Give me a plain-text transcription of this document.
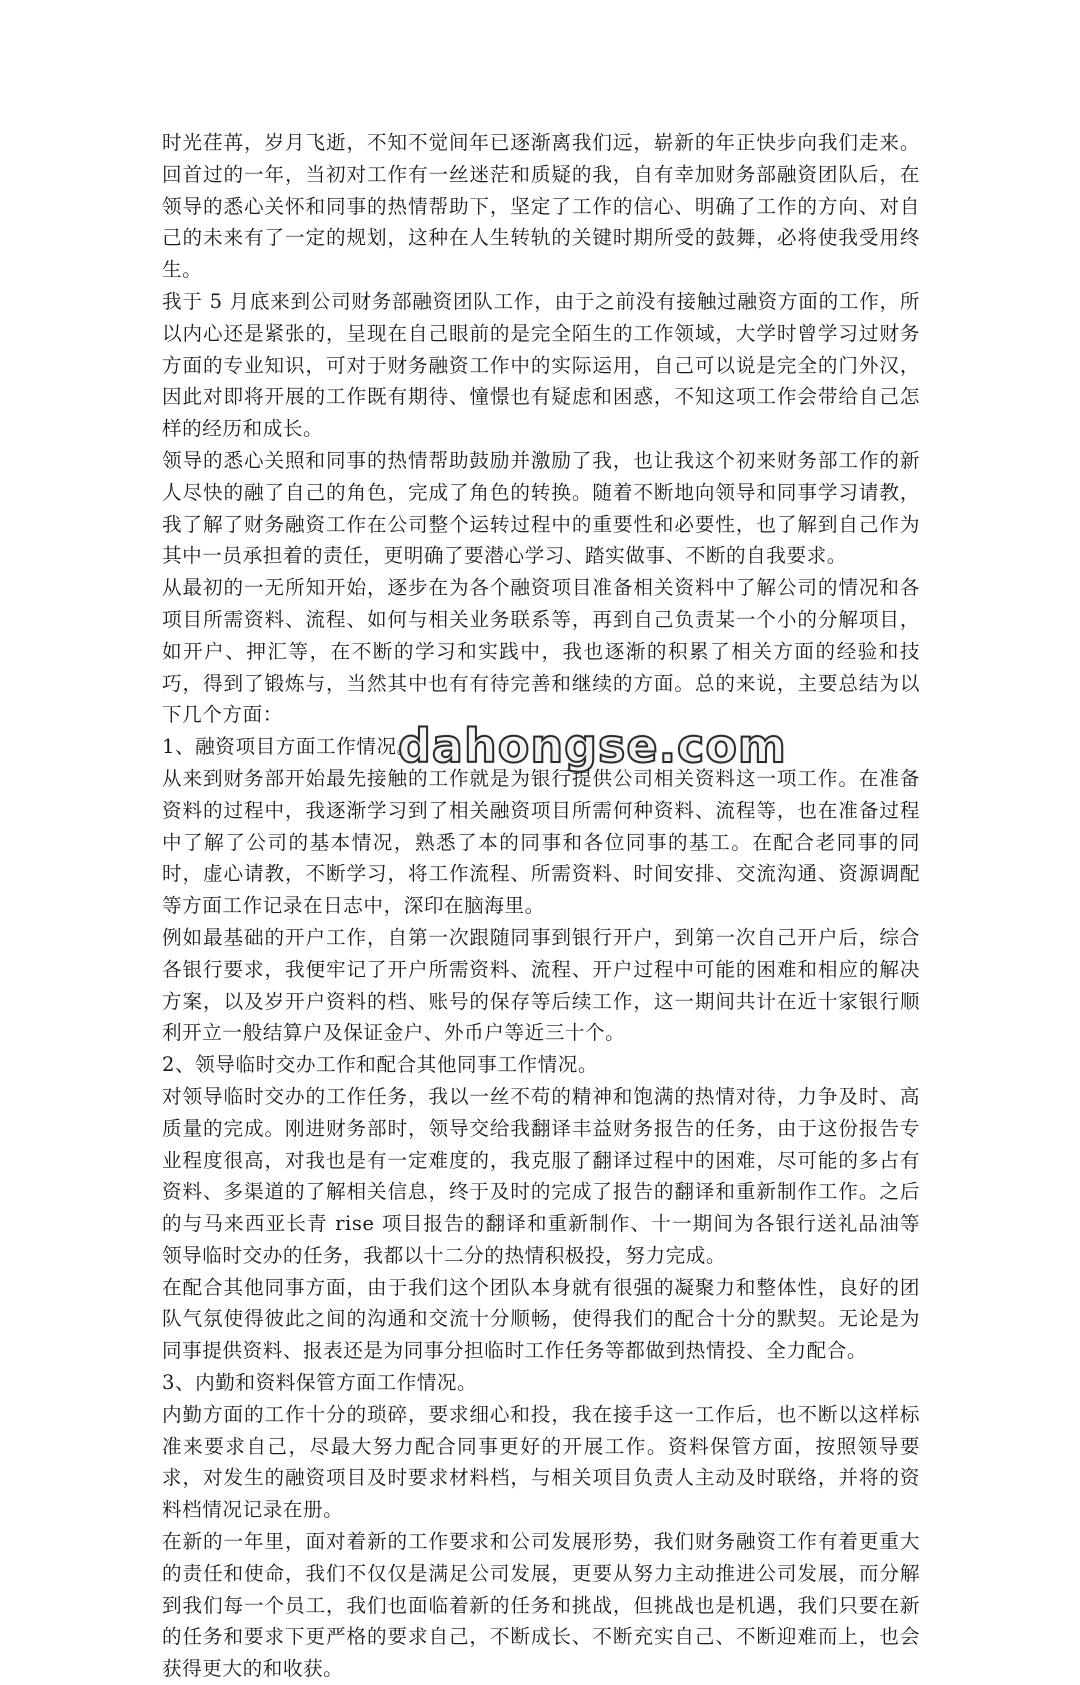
时光荏苒，岁月飞逝，不知不觉间年已逐渐离我们远，崭新的年正快步向我们走来。回首过的一年，当初对工作有一丝迷茫和质疑的我，自有幸加财务部融资团队后，在领导的悉心关怀和同事的热情帮助下，坚定了工作的信心、明确了工作的方向、对自己的未来有了一定的规划，这种在人生转轨的关键时期所受的鼓舞，必将使我受用终生。

我于 5 月底来到公司财务部融资团队工作，由于之前没有接触过融资方面的工作，所以内心还是紧张的，呈现在自己眼前的是完全陌生的工作领域，大学时曾学习过财务方面的专业知识，可对于财务融资工作中的实际运用，自己可以说是完全的门外汉，因此对即将开展的工作既有期待、憧憬也有疑虑和困惑，不知这项工作会带给自己怎样的经历和成长。

领导的悉心关照和同事的热情帮助鼓励并激励了我，也让我这个初来财务部工作的新人尽快的融了自己的角色，完成了角色的转换。随着不断地向领导和同事学习请教，我了解了财务融资工作在公司整个运转过程中的重要性和必要性，也了解到自己作为其中一员承担着的责任，更明确了要潜心学习、踏实做事、不断的自我要求。

从最初的一无所知开始，逐步在为各个融资项目准备相关资料中了解公司的情况和各项目所需资料、流程、如何与相关业务联系等，再到自己负责某一个小的分解项目，如开户、押汇等，在不断的学习和实践中，我也逐渐的积累了相关方面的经验和技巧，得到了锻炼与，当然其中也有有待完善和继续的方面。总的来说，主要总结为以下几个方面：

1、融资项目方面工作情况。

从来到财务部开始最先接触的工作就是为银行提供公司相关资料这一项工作。在准备资料的过程中，我逐渐学习到了相关融资项目所需何种资料、流程等，也在准备过程中了解了公司的基本情况，熟悉了本的同事和各位同事的基工。在配合老同事的同时，虚心请教，不断学习，将工作流程、所需资料、时间安排、交流沟通、资源调配等方面工作记录在日志中，深印在脑海里。

例如最基础的开户工作，自第一次跟随同事到银行开户，到第一次自己开户后，综合各银行要求，我便牢记了开户所需资料、流程、开户过程中可能的困难和相应的解决方案，以及岁开户资料的档、账号的保存等后续工作，这一期间共计在近十家银行顺利开立一般结算户及保证金户、外币户等近三十个。

2、领导临时交办工作和配合其他同事工作情况。

对领导临时交办的工作任务，我以一丝不苟的精神和饱满的热情对待，力争及时、高质量的完成。刚进财务部时，领导交给我翻译丰益财务报告的任务，由于这份报告专业程度很高，对我也是有一定难度的，我克服了翻译过程中的困难，尽可能的多占有资料、多渠道的了解相关信息，终于及时的完成了报告的翻译和重新制作工作。之后的与马来西亚长青 rise 项目报告的翻译和重新制作、十一期间为各银行送礼品油等领导临时交办的任务，我都以十二分的热情积极投，努力完成。

在配合其他同事方面，由于我们这个团队本身就有很强的凝聚力和整体性，良好的团队气氛使得彼此之间的沟通和交流十分顺畅，使得我们的配合十分的默契。无论是为同事提供资料、报表还是为同事分担临时工作任务等都做到热情投、全力配合。

3、内勤和资料保管方面工作情况。

内勤方面的工作十分的琐碎，要求细心和投，我在接手这一工作后，也不断以这样标准来要求自己，尽最大努力配合同事更好的开展工作。资料保管方面，按照领导要求，对发生的融资项目及时要求材料档，与相关项目负责人主动及时联络，并将的资料档情况记录在册。

在新的一年里，面对着新的工作要求和公司发展形势，我们财务融资工作有着更重大的责任和使命，我们不仅仅是满足公司发展，更要从努力主动推进公司发展，而分解到我们每一个员工，我们也面临着新的任务和挑战，但挑战也是机遇，我们只要在新的任务和要求下更严格的要求自己，不断成长、不断充实自己、不断迎难而上，也会获得更大的和收获。

dahongse.com
